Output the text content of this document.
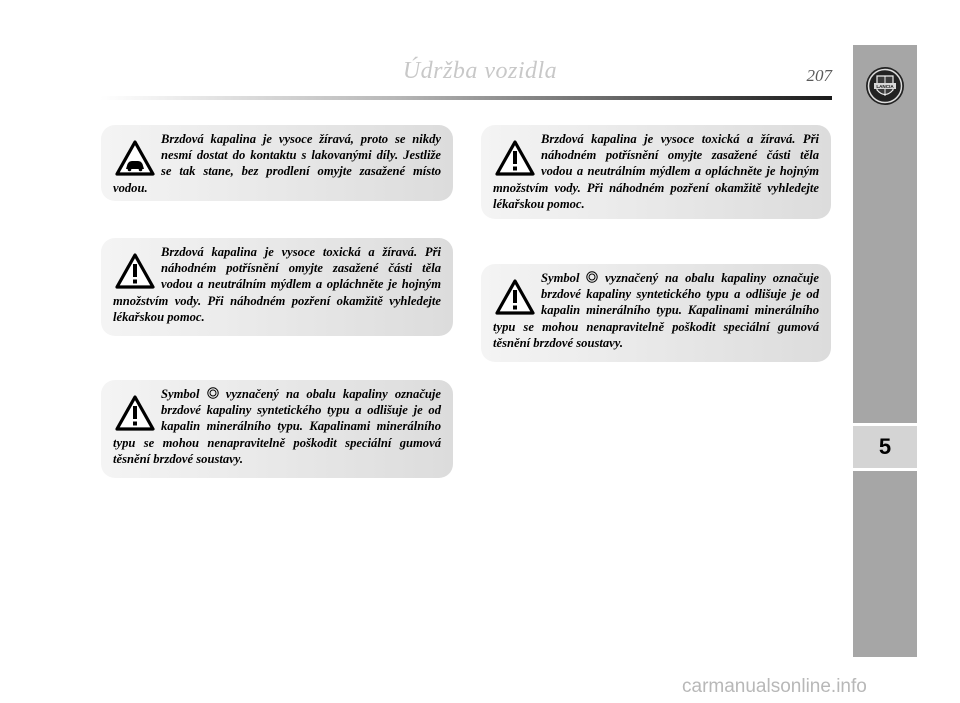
Údržba vozidla	207
LANCIA
5
Brzdová kapalina je vysoce žíravá, proto se nikdy nesmí dostat do kontaktu s lakovanými díly. Jestliže se tak stane, bez prodlení omyjte zasažené místo vodou.
Brzdová kapalina je vysoce toxická a žíravá. Při náhodném potřísnění omyjte zasažené části těla vodou a neutrálním mýdlem a opláchněte je hojným množstvím vody. Při náhodném pozření okamžitě vyhledejte lékařskou pomoc.
Symbol vyznačený na obalu kapaliny označuje brzdové kapaliny syntetického typu a odlišuje je od kapalin minerálního typu. Kapalinami minerálního typu se mohou nenapravitelně poškodit speciální gumová těsnění brzdové soustavy.
Brzdová kapalina je vysoce toxická a žíravá. Při náhodném potřísnění omyjte zasažené části těla vodou a neutrálním mýdlem a opláchněte je hojným množstvím vody. Při náhodném pozření okamžitě vyhledejte lékařskou pomoc.
Symbol vyznačený na obalu kapaliny označuje brzdové kapaliny syntetického typu a odlišuje je od kapalin minerálního typu. Kapalinami minerálního typu se mohou nenapravitelně poškodit speciální gumová těsnění brzdové soustavy.
carmanualsonline.info
